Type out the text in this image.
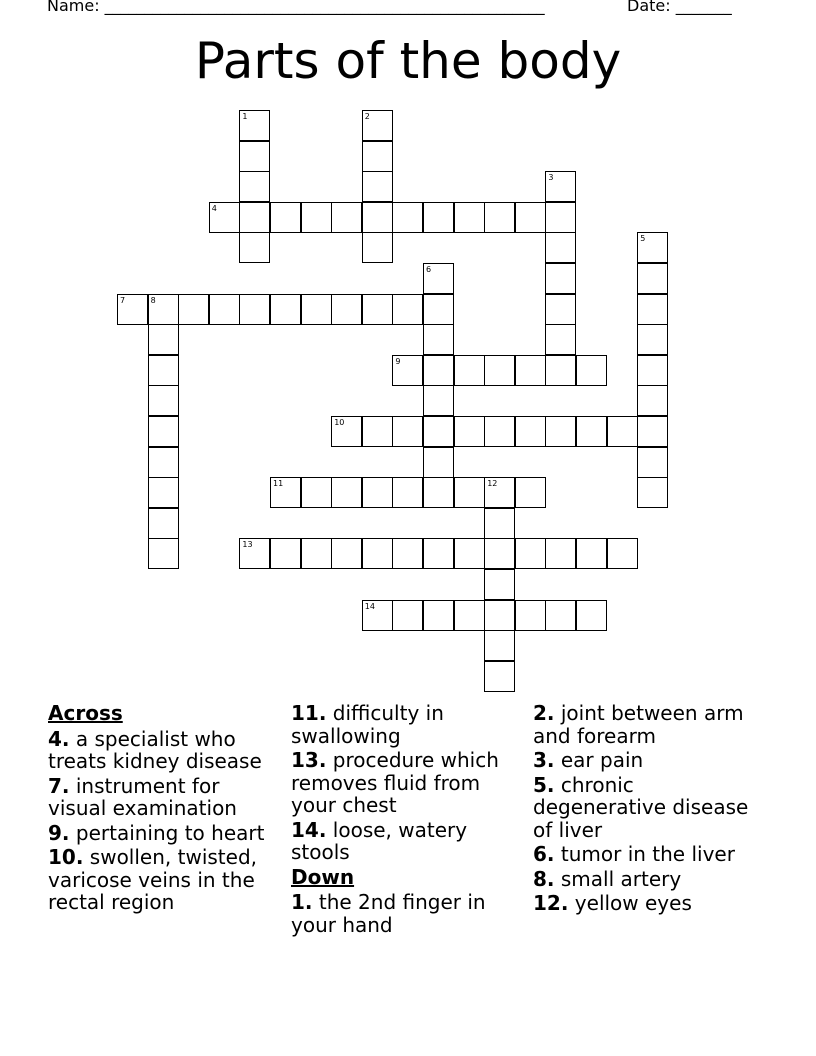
Name: _______________________________________________________	Date: _______
Parts of the body
4
7	8
9
10
11	12
13
14
1	2
3
5
6
Across
4. a specialist who treats kidney disease
7. instrument for visual examination
9. pertaining to heart
10. swollen, twisted, varicose veins in the rectal region
11. difficulty in swallowing
13. procedure which removes fluid from your chest
14. loose, watery stools
Down
1. the 2nd finger in your hand
2. joint between arm and forearm
3. ear pain
5. chronic degenerative disease of liver
6. tumor in the liver
8. small artery
12. yellow eyes
